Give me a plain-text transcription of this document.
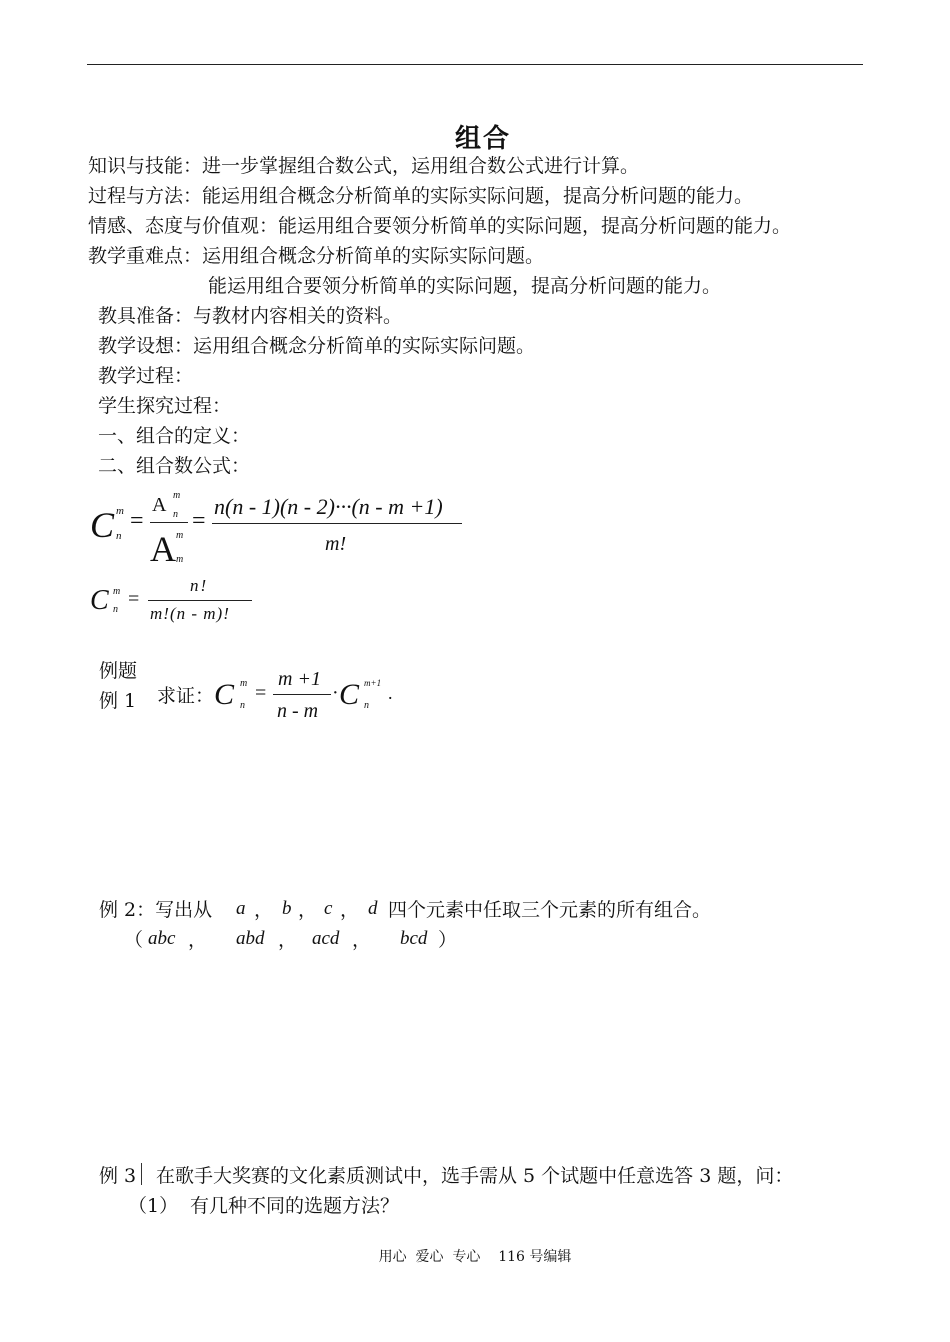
组合
知识与技能：进一步掌握组合数公式，运用组合数公式进行计算。
过程与方法：能运用组合概念分析简单的实际实际问题，提高分析问题的能力。
情感、态度与价值观：能运用组合要领分析简单的实际问题，提高分析问题的能力。
教学重难点：运用组合概念分析简单的实际实际问题。
能运用组合要领分析简单的实际问题，提高分析问题的能力。
教具准备：与教材内容相关的资料。
教学设想：运用组合概念分析简单的实际实际问题。
教学过程：
学生探究过程：
一、组合的定义：
二、组合数公式：
C m
n
=
A m
n
A m
m
=
n(n - 1)(n - 2)···(n - m +1)
m!
C m
n =
n!
m!(n - m)!
例题
例 1 求证： C m
n
=
m +1
n - m
· C m+1
n
.
例 2：写出从 a ， b ， c ， d 四个元素中任取三个元素的所有组合。
（ abc ， abd ， acd ， bcd ）
例 3 在歌手大奖赛的文化素质测试中，选手需从 5 个试题中任意选答 3 题，问：
（1） 有几种不同的选题方法？
用心  爱心  专心    116 号编辑
